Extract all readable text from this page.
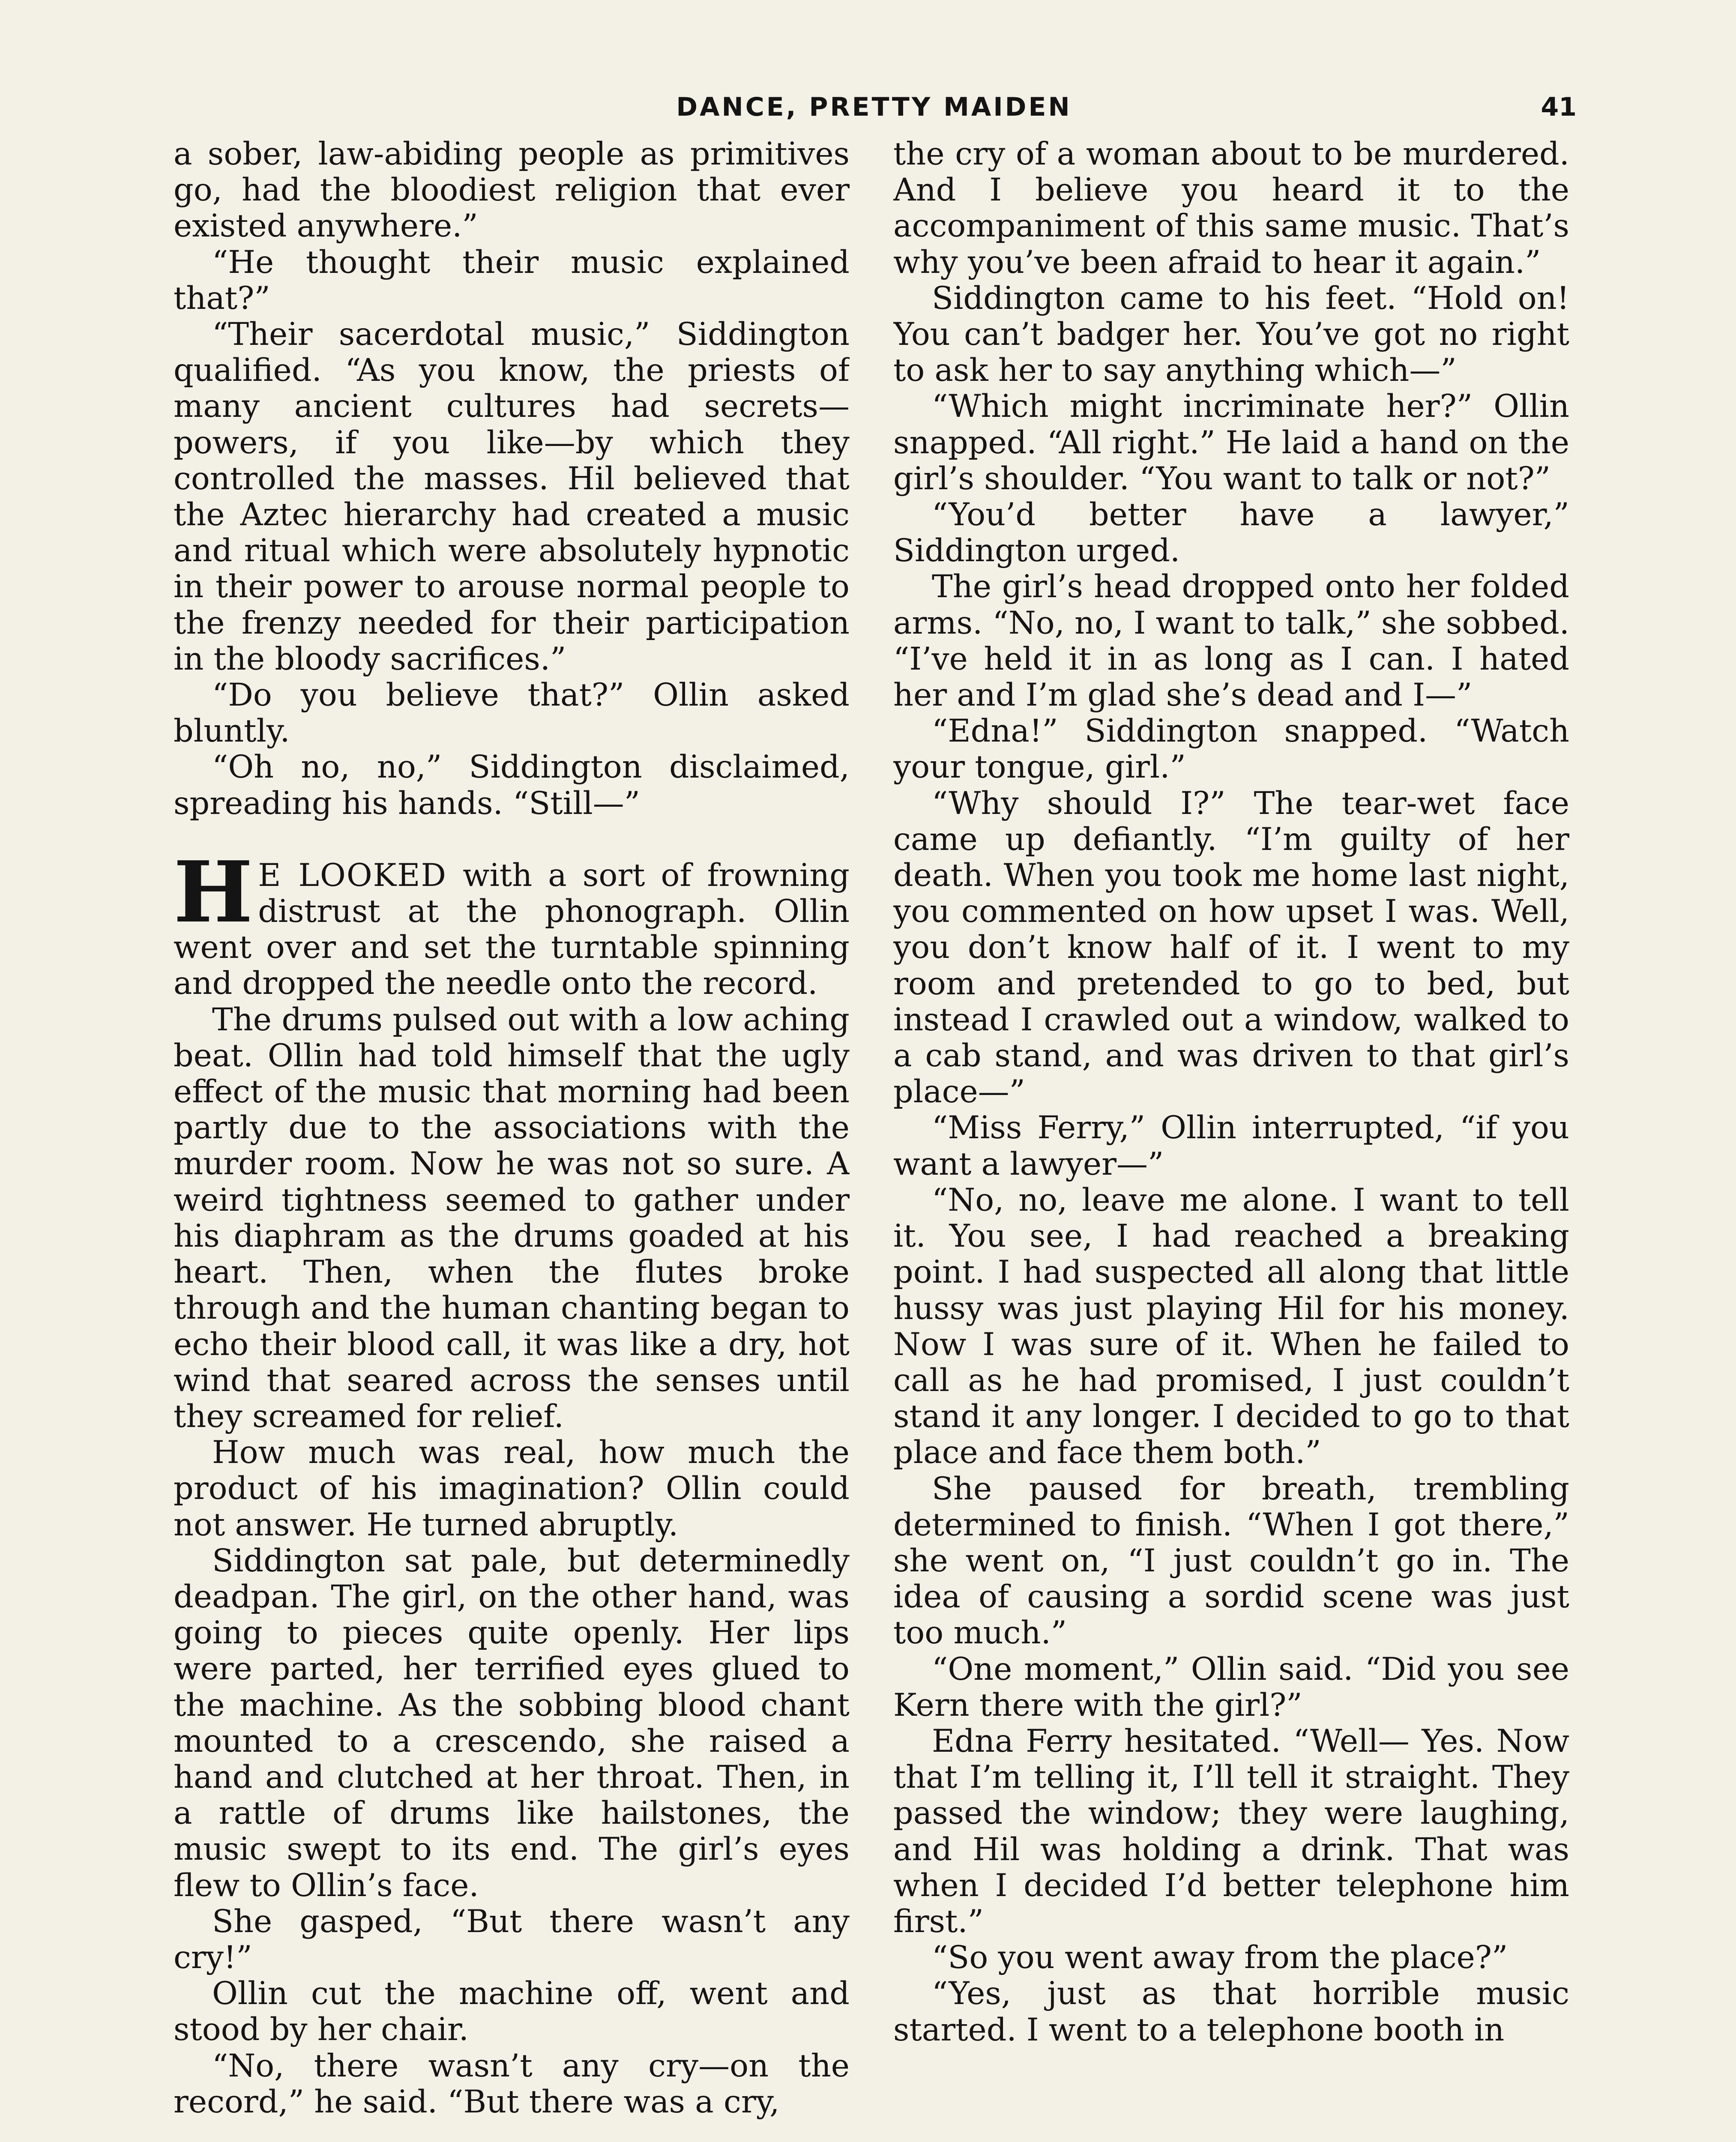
DANCE, PRETTY MAIDEN	41

a sober, law-abiding people as primitives go, had the bloodiest religion that ever existed anywhere.”

“He thought their music explained that?”

“Their sacerdotal music,” Siddington qualified. “As you know, the priests of many ancient cultures had secrets—powers, if you like—by which they controlled the masses. Hil believed that the Aztec hierarchy had created a music and ritual which were absolutely hypnotic in their power to arouse normal people to the frenzy needed for their participation in the bloody sacrifices.”

“Do you believe that?” Ollin asked bluntly.

“Oh no, no,” Siddington disclaimed, spreading his hands. “Still—”

H E LOOKED with a sort of frowning distrust at the phonograph. Ollin went over and set the turntable spinning and dropped the needle onto the record.

The drums pulsed out with a low aching beat. Ollin had told himself that the ugly effect of the music that morning had been partly due to the associations with the murder room. Now he was not so sure. A weird tightness seemed to gather under his diaphram as the drums goaded at his heart. Then, when the flutes broke through and the human chanting began to echo their blood call, it was like a dry, hot wind that seared across the senses until they screamed for relief.

How much was real, how much the product of his imagination? Ollin could not answer. He turned abruptly.

Siddington sat pale, but determinedly deadpan. The girl, on the other hand, was going to pieces quite openly. Her lips were parted, her terrified eyes glued to the machine. As the sobbing blood chant mounted to a crescendo, she raised a hand and clutched at her throat. Then, in a rattle of drums like hailstones, the music swept to its end. The girl’s eyes flew to Ollin’s face.

She gasped, “But there wasn’t any cry!”

Ollin cut the machine off, went and stood by her chair.

“No, there wasn’t any cry—on the record,” he said. “But there was a cry,

the cry of a woman about to be murdered. And I believe you heard it to the accompaniment of this same music. That’s why you’ve been afraid to hear it again.”

Siddington came to his feet. “Hold on! You can’t badger her. You’ve got no right to ask her to say anything which—”

“Which might incriminate her?” Ollin snapped. “All right.” He laid a hand on the girl’s shoulder. “You want to talk or not?”

“You’d better have a lawyer,” Siddington urged.

The girl’s head dropped onto her folded arms. “No, no, I want to talk,” she sobbed. “I’ve held it in as long as I can. I hated her and I’m glad she’s dead and I—”

“Edna!” Siddington snapped. “Watch your tongue, girl.”

“Why should I?” The tear-wet face came up defiantly. “I’m guilty of her death. When you took me home last night, you commented on how upset I was. Well, you don’t know half of it. I went to my room and pretended to go to bed, but instead I crawled out a window, walked to a cab stand, and was driven to that girl’s place—”

“Miss Ferry,” Ollin interrupted, “if you want a lawyer—”

“No, no, leave me alone. I want to tell it. You see, I had reached a breaking point. I had suspected all along that little hussy was just playing Hil for his money. Now I was sure of it. When he failed to call as he had promised, I just couldn’t stand it any longer. I decided to go to that place and face them both.”

She paused for breath, trembling determined to finish. “When I got there,” she went on, “I just couldn’t go in. The idea of causing a sordid scene was just too much.”

“One moment,” Ollin said. “Did you see Kern there with the girl?”

Edna Ferry hesitated. “Well— Yes. Now that I’m telling it, I’ll tell it straight. They passed the window; they were laughing, and Hil was holding a drink. That was when I decided I’d better telephone him first.”

“So you went away from the place?”

“Yes, just as that horrible music started. I went to a telephone booth in
